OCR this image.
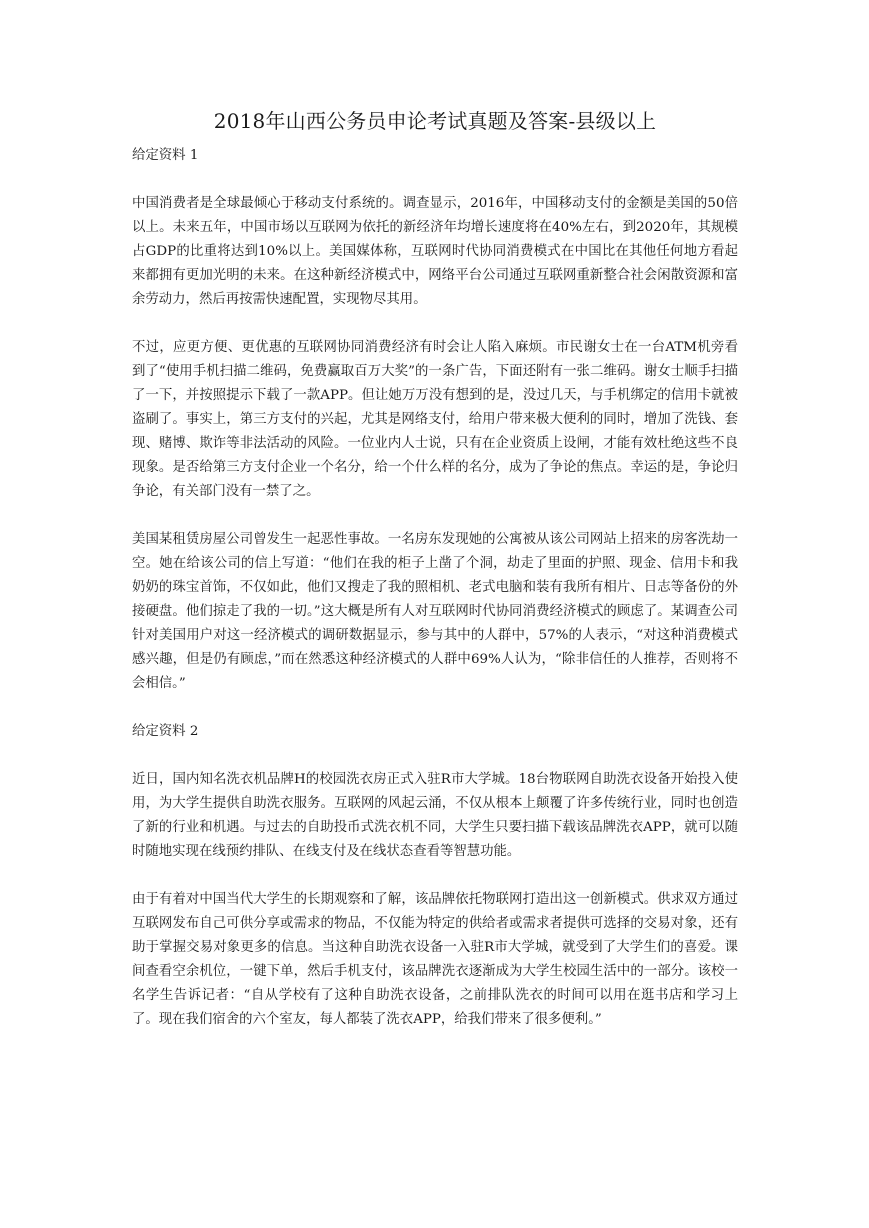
2018年山西公务员申论考试真题及答案-县级以上

给定资料 1

中国消费者是全球最倾心于移动支付系统的。调查显示，2016年，中国移动支付的金额是美国的50倍以上。未来五年，中国市场以互联网为依托的新经济年均增长速度将在40%左右，到2020年，其规模占GDP的比重将达到10%以上。美国媒体称，互联网时代协同消费模式在中国比在其他任何地方看起来都拥有更加光明的未来。在这种新经济模式中，网络平台公司通过互联网重新整合社会闲散资源和富余劳动力，然后再按需快速配置，实现物尽其用。

不过，应更方便、更优惠的互联网协同消费经济有时会让人陷入麻烦。市民谢女士在一台ATM机旁看到了“使用手机扫描二维码，免费赢取百万大奖”的一条广告，下面还附有一张二维码。谢女士顺手扫描了一下，并按照提示下载了一款APP。但让她万万没有想到的是，没过几天，与手机绑定的信用卡就被盗刷了。事实上，第三方支付的兴起，尤其是网络支付，给用户带来极大便利的同时，增加了洗钱、套现、赌博、欺诈等非法活动的风险。一位业内人士说，只有在企业资质上设闸，才能有效杜绝这些不良现象。是否给第三方支付企业一个名分，给一个什么样的名分，成为了争论的焦点。幸运的是，争论归争论，有关部门没有一禁了之。

美国某租赁房屋公司曾发生一起恶性事故。一名房东发现她的公寓被从该公司网站上招来的房客洗劫一空。她在给该公司的信上写道：“他们在我的柜子上凿了个洞，劫走了里面的护照、现金、信用卡和我奶奶的珠宝首饰，不仅如此，他们又搜走了我的照相机、老式电脑和装有我所有相片、日志等备份的外接硬盘。他们掠走了我的一切。”这大概是所有人对互联网时代协同消费经济模式的顾虑了。某调查公司针对美国用户对这一经济模式的调研数据显示，参与其中的人群中，57%的人表示，“对这种消费模式感兴趣，但是仍有顾虑，”而在然悉这种经济模式的人群中69%人认为，“除非信任的人推荐，否则将不会相信。”

给定资料 2

近日，国内知名洗衣机品牌H的校园洗衣房正式入驻R市大学城。18台物联网自助洗衣设备开始投入使用，为大学生提供自助洗衣服务。互联网的风起云涌，不仅从根本上颠覆了许多传统行业，同时也创造了新的行业和机遇。与过去的自助投币式洗衣机不同，大学生只要扫描下载该品牌洗衣APP，就可以随时随地实现在线预约排队、在线支付及在线状态查看等智慧功能。

由于有着对中国当代大学生的长期观察和了解，该品牌依托物联网打造出这一创新模式。供求双方通过互联网发布自己可供分享或需求的物品，不仅能为特定的供给者或需求者提供可选择的交易对象，还有助于掌握交易对象更多的信息。当这种自助洗衣设备一入驻R市大学城，就受到了大学生们的喜爱。课间查看空余机位，一键下单，然后手机支付，该品牌洗衣逐渐成为大学生校园生活中的一部分。该校一名学生告诉记者：“自从学校有了这种自助洗衣设备，之前排队洗衣的时间可以用在逛书店和学习上了。现在我们宿舍的六个室友，每人都装了洗衣APP，给我们带来了很多便利。”
